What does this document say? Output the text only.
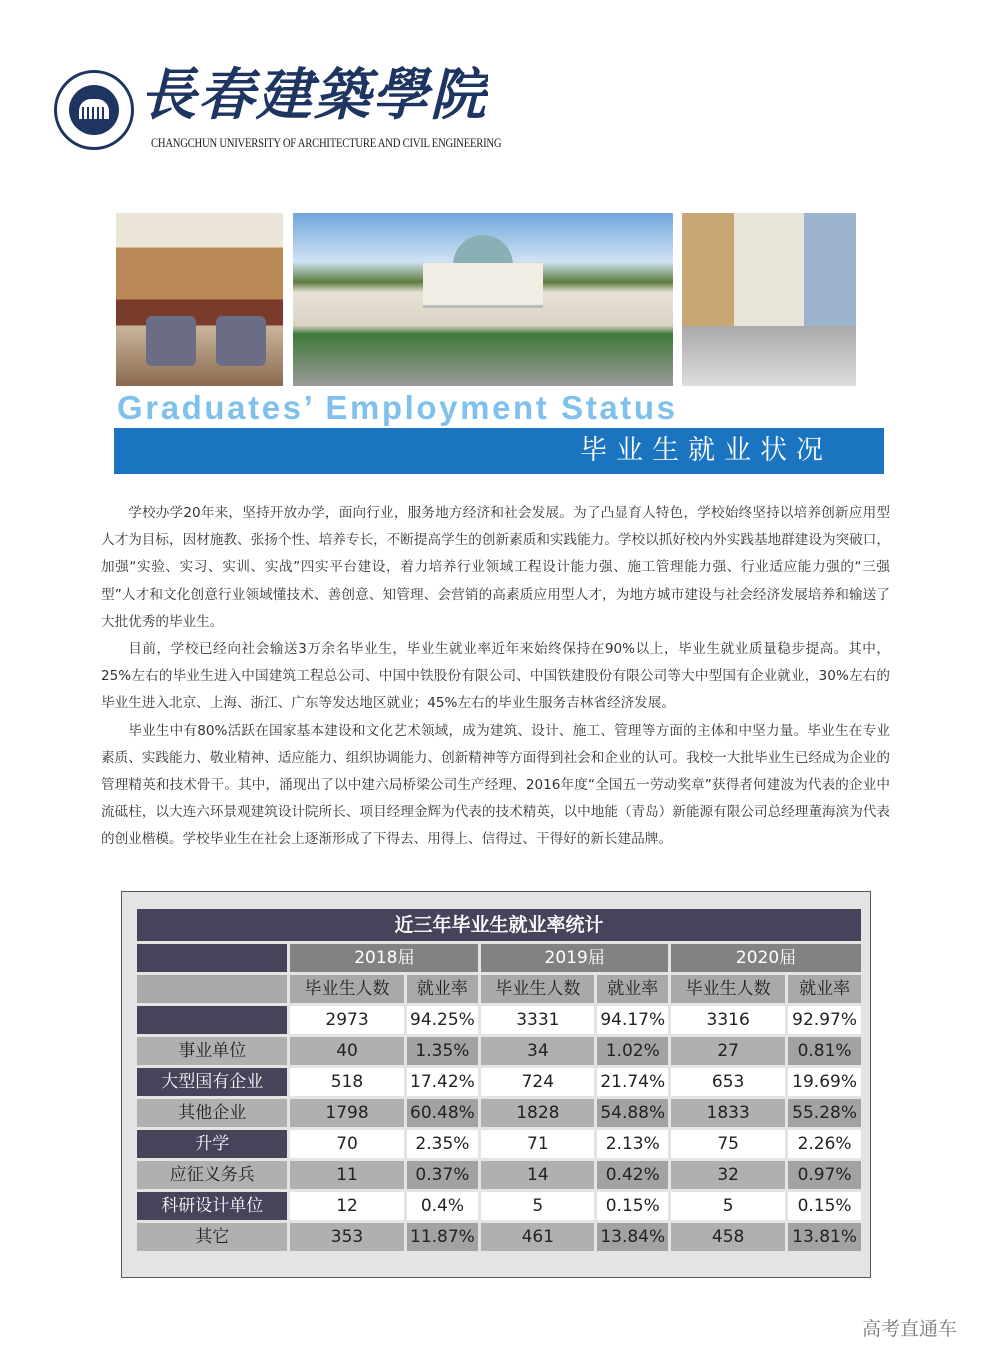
長春建築學院
CHANGCHUN UNIVERSITY OF ARCHITECTURE AND CIVIL ENGINEERING
Graduates’ Employment Status
毕业生就业状况

学校办学20年来，坚持开放办学，面向行业，服务地方经济和社会发展。为了凸显育人特色，学校始终坚持以培养创新应用型人才为目标，因材施教、张扬个性、培养专长，不断提高学生的创新素质和实践能力。学校以抓好校内外实践基地群建设为突破口，加强“实验、实习、实训、实战”四实平台建设，着力培养行业领域工程设计能力强、施工管理能力强、行业适应能力强的“三强型”人才和文化创意行业领域懂技术、善创意、知管理、会营销的高素质应用型人才，为地方城市建设与社会经济发展培养和输送了大批优秀的毕业生。

目前，学校已经向社会输送3万余名毕业生，毕业生就业率近年来始终保持在90%以上，毕业生就业质量稳步提高。其中，25%左右的毕业生进入中国建筑工程总公司、中国中铁股份有限公司、中国铁建股份有限公司等大中型国有企业就业，30%左右的毕业生进入北京、上海、浙江、广东等发达地区就业；45%左右的毕业生服务吉林省经济发展。

毕业生中有80%活跃在国家基本建设和文化艺术领域，成为建筑、设计、施工、管理等方面的主体和中坚力量。毕业生在专业素质、实践能力、敬业精神、适应能力、组织协调能力、创新精神等方面得到社会和企业的认可。我校一大批毕业生已经成为企业的管理精英和技术骨干。其中，涌现出了以中建六局桥梁公司生产经理、2016年度“全国五一劳动奖章”获得者何建波为代表的企业中流砥柱，以大连六环景观建筑设计院所长、项目经理金辉为代表的技术精英，以中地能（青岛）新能源有限公司总经理董海滨为代表的创业楷模。学校毕业生在社会上逐渐形成了下得去、用得上、信得过、干得好的新长建品牌。

近三年毕业生就业率统计						
	2018届		2019届		2020届	
	毕业生人数	就业率	毕业生人数	就业率	毕业生人数	就业率
	2973	94.25%	3331	94.17%	3316	92.97%
事业单位	40	1.35%	34	1.02%	27	0.81%
大型国有企业	518	17.42%	724	21.74%	653	19.69%
其他企业	1798	60.48%	1828	54.88%	1833	55.28%
升学	70	2.35%	71	2.13%	75	2.26%
应征义务兵	11	0.37%	14	0.42%	32	0.97%
科研设计单位	12	0.4%	5	0.15%	5	0.15%
其它	353	11.87%	461	13.84%	458	13.81%
高考直通车
